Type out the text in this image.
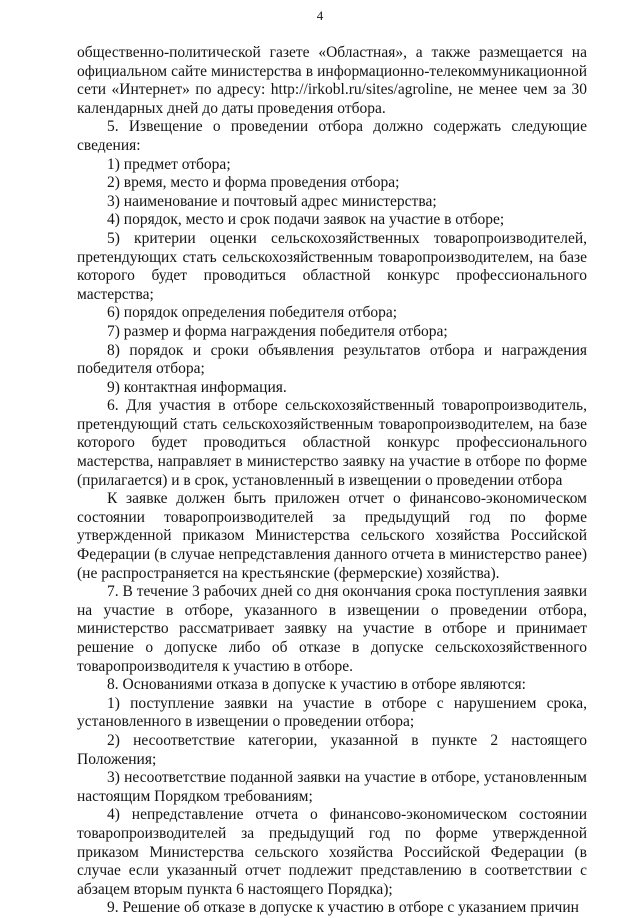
4

общественно-политической газете «Областная», а также размещается на официальном сайте министерства в информационно-телекоммуникационной сети «Интернет» по адресу: http://irkobl.ru/sites/agroline, не менее чем за 30 календарных дней до даты проведения отбора.

5. Извещение о проведении отбора должно содержать следующие сведения:

1) предмет отбора;

2) время, место и форма проведения отбора;

3) наименование и почтовый адрес министерства;

4) порядок, место и срок подачи заявок на участие в отборе;

5) критерии оценки сельскохозяйственных товаропроизводителей, претендующих стать сельскохозяйственным товаропроизводителем, на базе которого будет проводиться областной конкурс профессионального мастерства;

6) порядок определения победителя отбора;

7) размер и форма награждения победителя отбора;

8) порядок и сроки объявления результатов отбора и награждения победителя отбора;

9) контактная информация.

6. Для участия в отборе сельскохозяйственный товаропроизводитель, претендующий стать сельскохозяйственным товаропроизводителем, на базе которого будет проводиться областной конкурс профессионального мастерства, направляет в министерство заявку на участие в отборе по форме (прилагается) и в срок, установленный в извещении о проведении отбора

К заявке должен быть приложен отчет о финансово-экономическом состоянии товаропроизводителей за предыдущий год по форме утвержденной приказом Министерства сельского хозяйства Российской Федерации (в случае непредставления данного отчета в министерство ранее) (не распространяется на крестьянские (фермерские) хозяйства).

7. В течение 3 рабочих дней со дня окончания срока поступления заявки на участие в отборе, указанного в извещении о проведении отбора, министерство рассматривает заявку на участие в отборе и принимает решение о допуске либо об отказе в допуске сельскохозяйственного товаропроизводителя к участию в отборе.

8. Основаниями отказа в допуске к участию в отборе являются:

1) поступление заявки на участие в отборе с нарушением срока, установленного в извещении о проведении отбора;

2) несоответствие категории, указанной в пункте 2 настоящего Положения;

3) несоответствие поданной заявки на участие в отборе, установленным настоящим Порядком требованиям;

4) непредставление отчета о финансово-экономическом состоянии товаропроизводителей за предыдущий год по форме утвержденной приказом Министерства сельского хозяйства Российской Федерации (в случае если указанный отчет подлежит представлению в соответствии с абзацем вторым пункта 6 настоящего Порядка);

9. Решение об отказе в допуске к участию в отборе с указанием причин
